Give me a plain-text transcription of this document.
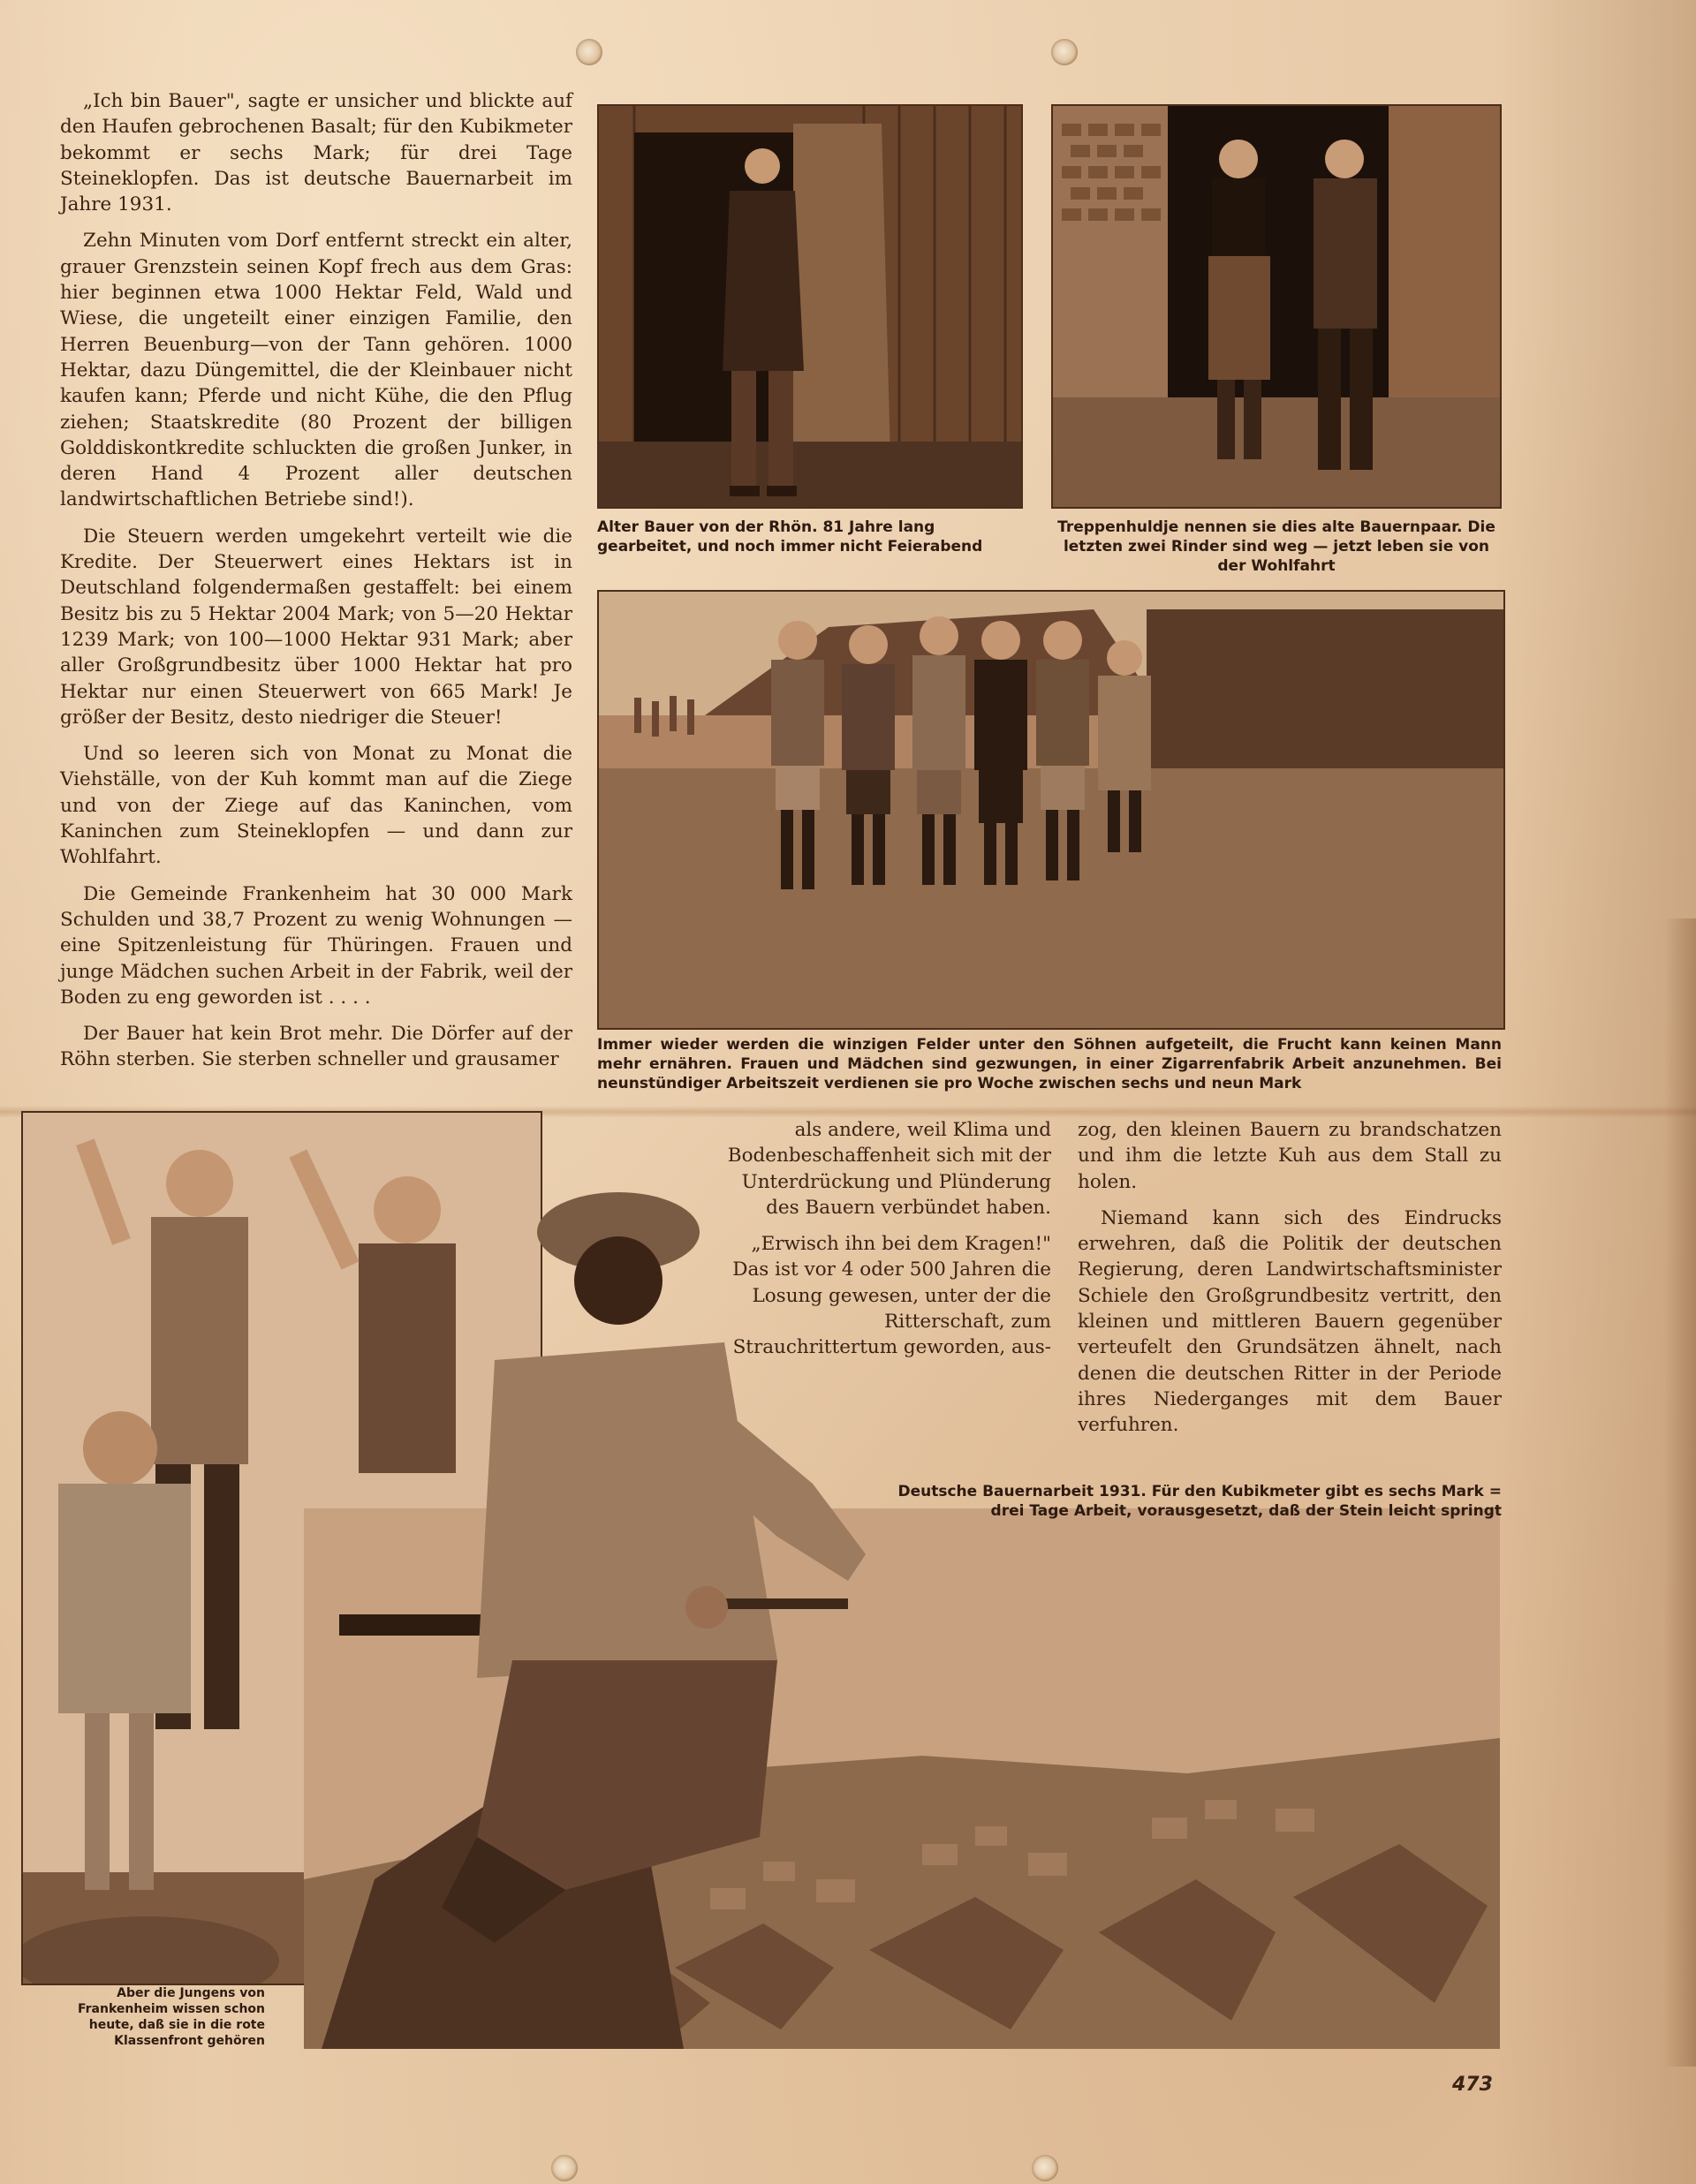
„Ich bin Bauer", sagte er unsicher und blickte auf den Haufen gebrochenen Basalt; für den Kubikmeter bekommt er sechs Mark; für drei Tage Steineklopfen. Das ist deutsche Bauernarbeit im Jahre 1931.

Zehn Minuten vom Dorf entfernt streckt ein alter, grauer Grenzstein seinen Kopf frech aus dem Gras: hier beginnen etwa 1000 Hektar Feld, Wald und Wiese, die ungeteilt einer einzigen Familie, den Herren Beuenburg—von der Tann gehören. 1000 Hektar, dazu Düngemittel, die der Kleinbauer nicht kaufen kann; Pferde und nicht Kühe, die den Pflug ziehen; Staatskredite (80 Prozent der billigen Golddiskontkredite schluckten die großen Junker, in deren Hand 4 Prozent aller deutschen landwirtschaftlichen Betriebe sind!).

Die Steuern werden umgekehrt verteilt wie die Kredite. Der Steuerwert eines Hektars ist in Deutschland folgendermaßen gestaffelt: bei einem Besitz bis zu 5 Hektar 2004 Mark; von 5—20 Hektar 1239 Mark; von 100—1000 Hektar 931 Mark; aber aller Großgrundbesitz über 1000 Hektar hat pro Hektar nur einen Steuerwert von 665 Mark! Je größer der Besitz, desto niedriger die Steuer!

Und so leeren sich von Monat zu Monat die Viehställe, von der Kuh kommt man auf die Ziege und von der Ziege auf das Kaninchen, vom Kaninchen zum Steineklopfen — und dann zur Wohlfahrt.

Die Gemeinde Frankenheim hat 30 000 Mark Schulden und 38,7 Prozent zu wenig Wohnungen — eine Spitzenleistung für Thüringen. Frauen und junge Mädchen suchen Arbeit in der Fabrik, weil der Boden zu eng geworden ist . . . .

Der Bauer hat kein Brot mehr. Die Dörfer auf der Röhn sterben. Sie sterben schneller und grausamer

Alter Bauer von der Rhön. 81 Jahre lang gearbeitet, und noch immer nicht Feierabend
Treppenhuldje nennen sie dies alte Bauernpaar. Die letzten zwei Rinder sind weg — jetzt leben sie von der Wohlfahrt
Immer wieder werden die winzigen Felder unter den Söhnen aufgeteilt, die Frucht kann keinen Mann mehr ernähren. Frauen und Mädchen sind gezwungen, in einer Zigarrenfabrik Arbeit anzunehmen. Bei neunstündiger Arbeitszeit verdienen sie pro Woche zwischen sechs und neun Mark

als andere, weil Klima und Bodenbeschaffenheit sich mit der Unterdrückung und Plünderung des Bauern verbündet haben.

„Erwisch ihn bei dem Kragen!" Das ist vor 4 oder 500 Jahren die Losung gewesen, unter der die Ritterschaft, zum Strauchrittertum geworden, aus-

zog, den kleinen Bauern zu brandschatzen und ihm die letzte Kuh aus dem Stall zu holen.

Niemand kann sich des Eindrucks erwehren, daß die Politik der deutschen Regierung, deren Landwirtschaftsminister Schiele den Großgrundbesitz vertritt, den kleinen und mittleren Bauern gegenüber verteufelt den Grundsätzen ähnelt, nach denen die deutschen Ritter in der Periode ihres Niederganges mit dem Bauer verfuhren.

Deutsche Bauernarbeit 1931. Für den Kubikmeter gibt es sechs Mark = drei Tage Arbeit, vorausgesetzt, daß der Stein leicht springt
Aber die Jungens von Frankenheim wissen schon heute, daß sie in die rote Klassenfront gehören
473
